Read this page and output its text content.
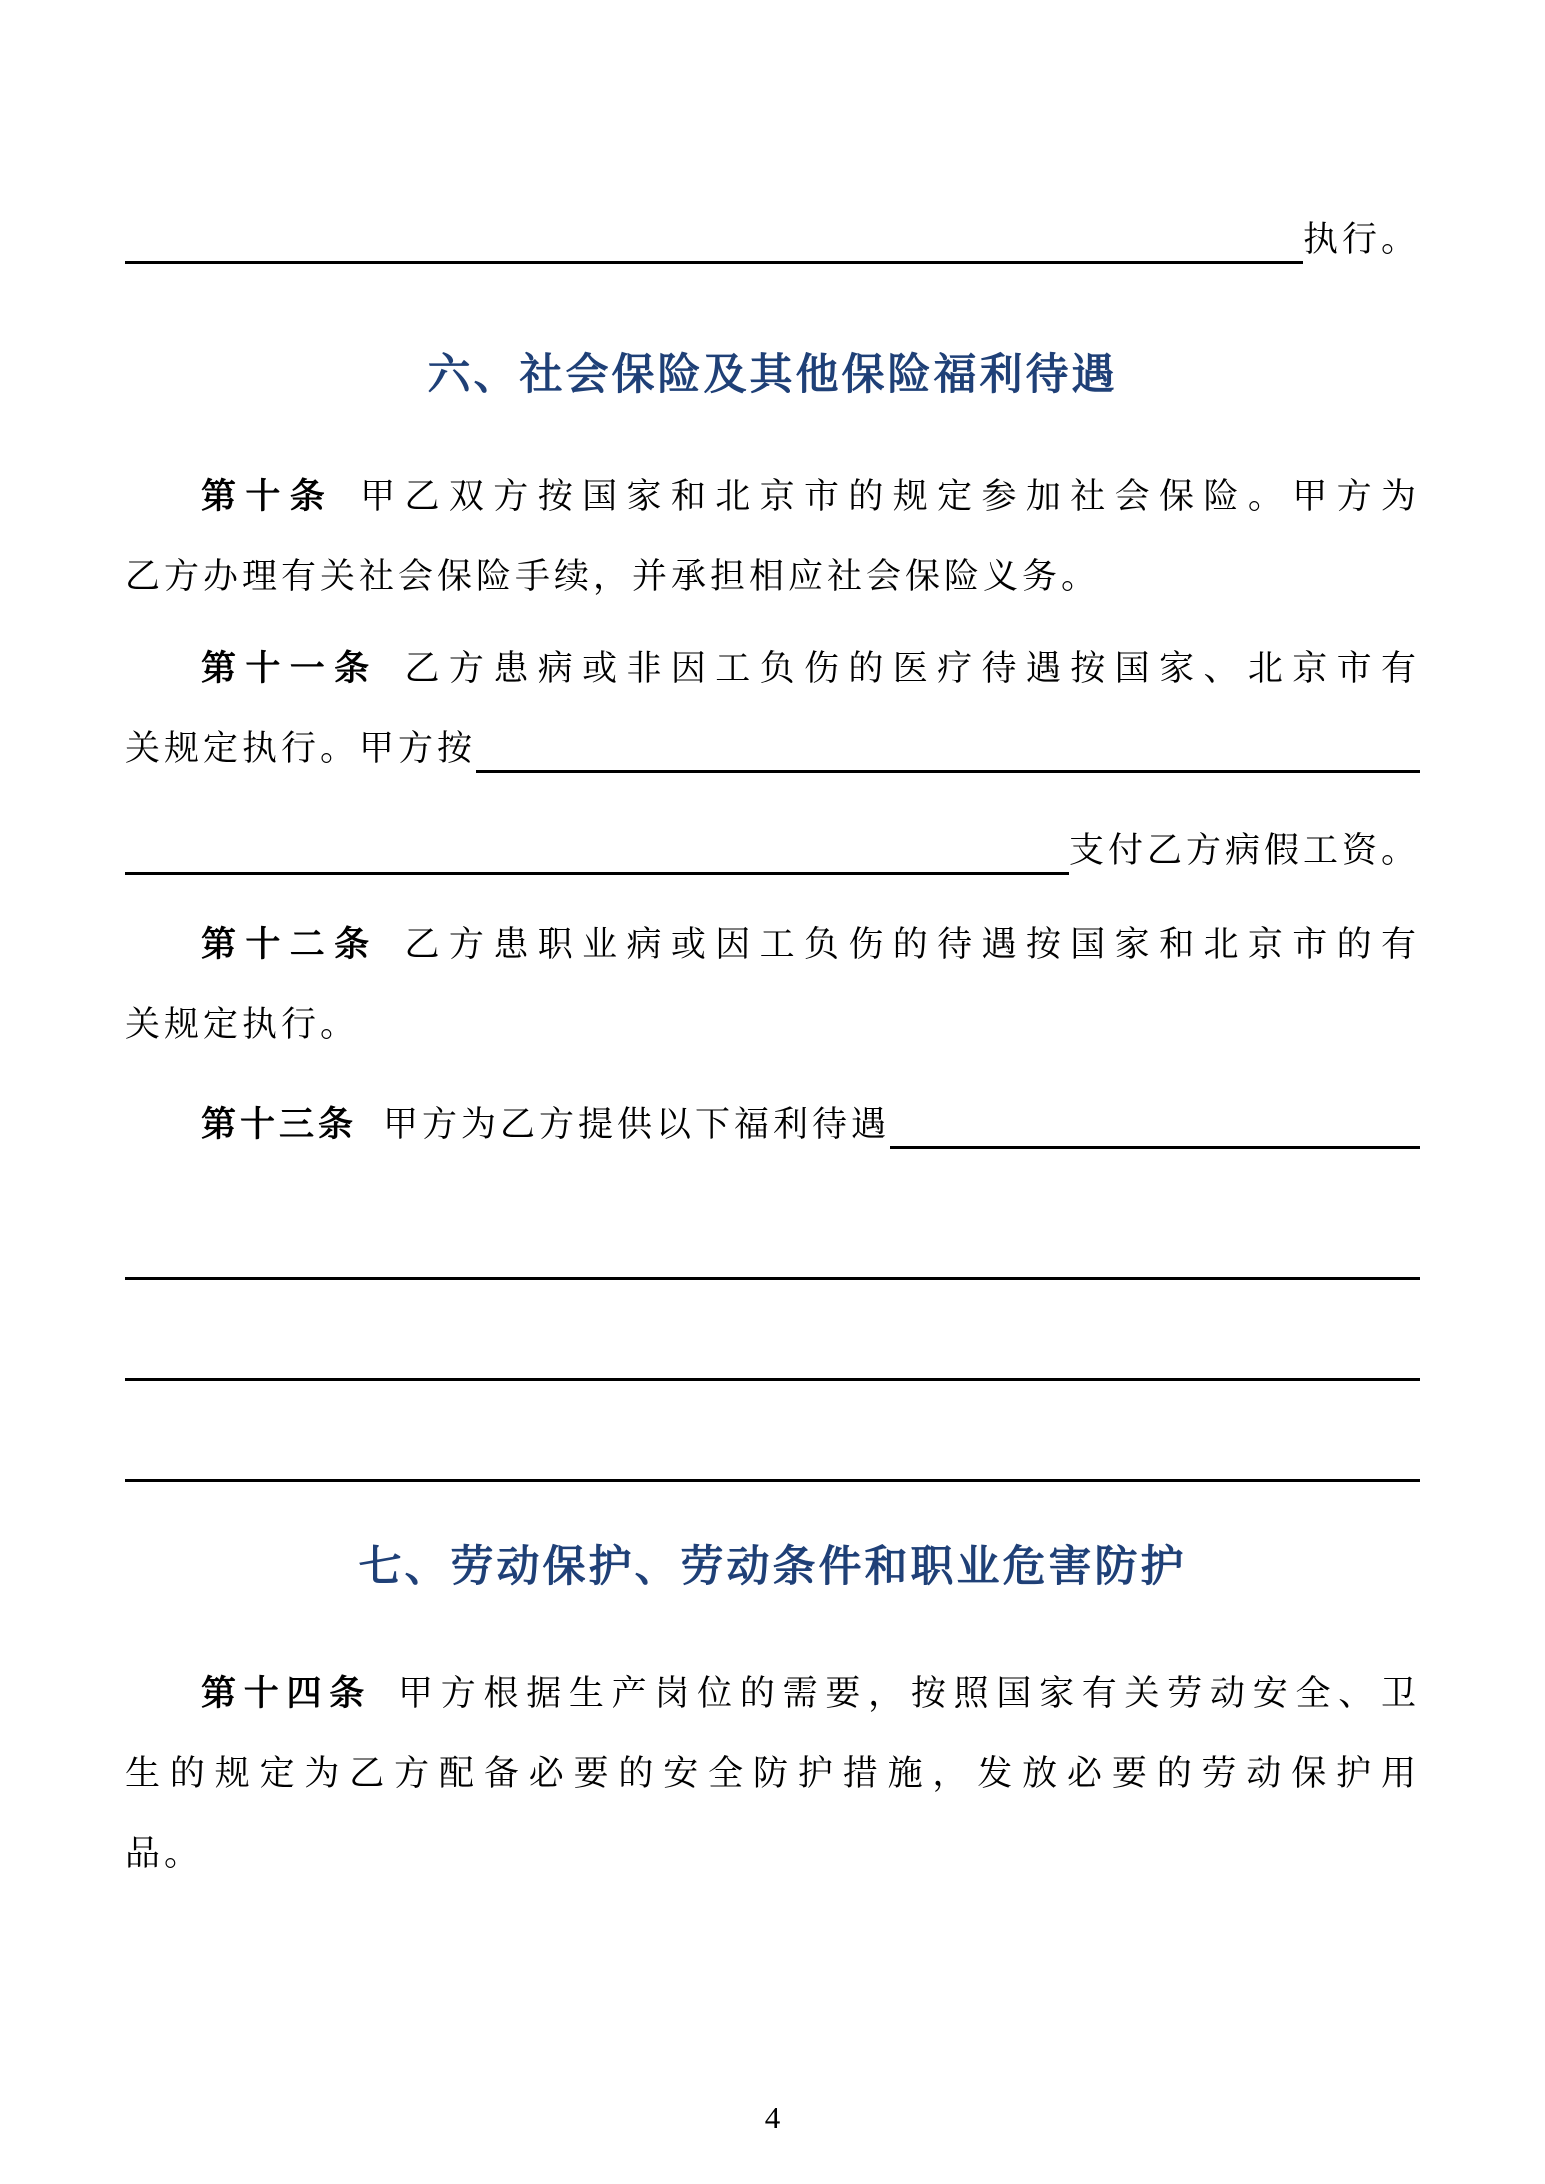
执行。
六、社会保险及其他保险福利待遇
第十条 甲乙双方按国家和北京市的规定参加社会保险。甲方为
乙方办理有关社会保险手续，并承担相应社会保险义务。
第十一条 乙方患病或非因工负伤的医疗待遇按国家、北京市有
关规定执行。甲方按
支付乙方病假工资。
第十二条 乙方患职业病或因工负伤的待遇按国家和北京市的有
关规定执行。
第十三条 甲方为乙方提供以下福利待遇
七、劳动保护、劳动条件和职业危害防护
第十四条 甲方根据生产岗位的需要，按照国家有关劳动安全、卫
生的规定为乙方配备必要的安全防护措施，发放必要的劳动保护用
品。
4
